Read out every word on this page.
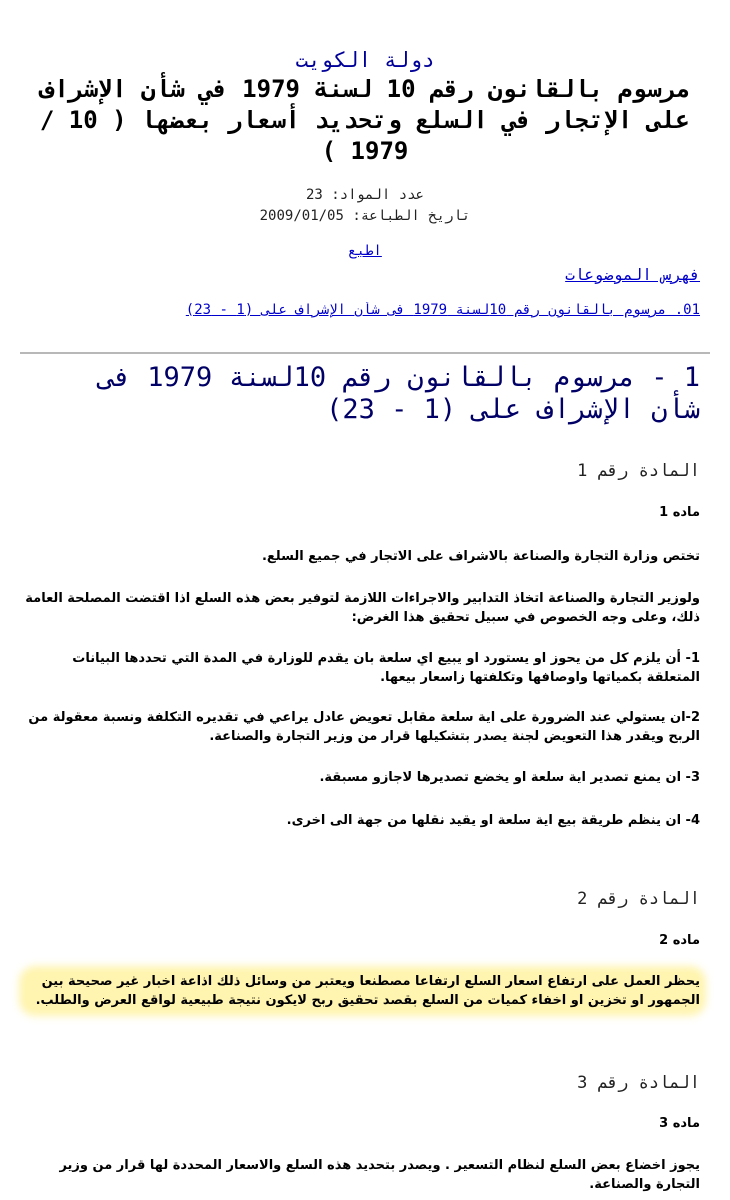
دولة الكويت
مرسوم بالقانون رقم 10 لسنة 1979 في شأن الإشراف على الإتجار في السلع وتحديد أسعار بعضها ( 10 / 1979 )
عدد المواد: 23
تاريخ الطباعة: 2009/01/05
اطبع
فهرس الموضوعات
01. مرسوم بالقانون رقم 10لسنة 1979 فى شأن الإشراف على (1 - 23)
1 - مرسوم بالقانون رقم 10لسنة 1979 فى شأن الإشراف على (1 - 23)
المادة رقم 1
ماده 1
تختص وزارة التجارة والصناعة بالاشراف على الاتجار في جميع السلع.
ولوزير التجارة والصناعة اتخاذ التدابير والاجراءات اللازمة لتوفير بعض هذه السلع اذا اقتضت المصلحة العامة ذلك، وعلى وجه الخصوص في سبيل تحقيق هذا الغرض:
1- أن يلزم كل من يحوز او يستورد او يبيع اي سلعة بان يقدم للوزارة في المدة التي تحددها البيانات المتعلقة بكمياتها واوصافها وتكلفتها زاسعار بيعها.
2-ان يستولي عند الضرورة على اية سلعة مقابل تعويض عادل يراعي في تقديره التكلفة ونسبة معقولة من الربح ويقدر هذا التعويض لجنة يصدر بتشكيلها قرار من وزير التجارة والصناعة.
3- ان يمنع تصدير اية سلعة او يخضع تصديرها لاجازو مسبقة.
4- ان ينظم طريقة بيع اية سلعة او يقيد نقلها من جهة الى اخرى.
المادة رقم 2
ماده 2
يحظر العمل على ارتفاع اسعار السلع ارتفاعا مصطنعا ويعتبر من وسائل ذلك اذاعة اخبار غير صحيحة بين الجمهور او تخزين او اخفاء كميات من السلع بقصد تحقيق ربح لايكون نتيجة طبيعية لواقع العرض والطلب.
المادة رقم 3
ماده 3
يجوز اخضاع بعض السلع لنظام التسعير . ويصدر بتحديد هذه السلع والاسعار المحددة لها قرار من وزير التجارة والصناعة.
